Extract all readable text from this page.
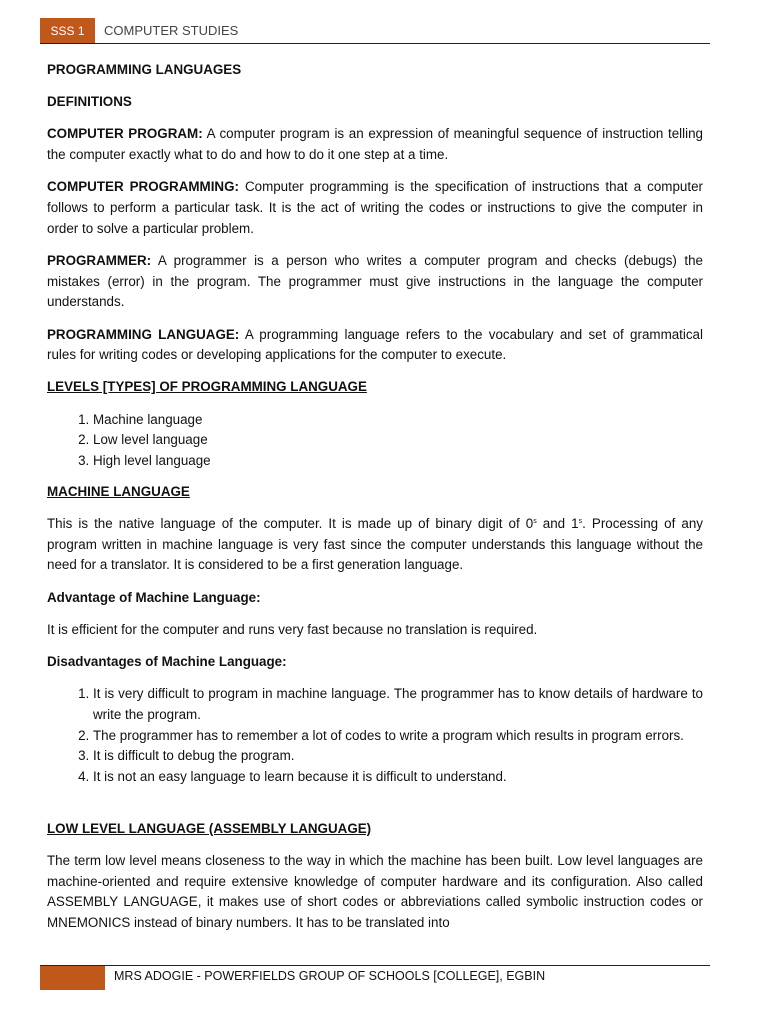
SSS 1	COMPUTER STUDIES

PROGRAMMING LANGUAGES

DEFINITIONS

COMPUTER PROGRAM: A computer program is an expression of meaningful sequence of instruction telling the computer exactly what to do and how to do it one step at a time.

COMPUTER PROGRAMMING: Computer programming is the specification of instructions that a computer follows to perform a particular task. It is the act of writing the codes or instructions to give the computer in order to solve a particular problem.

PROGRAMMER: A programmer is a person who writes a computer program and checks (debugs) the mistakes (error) in the program. The programmer must give instructions in the language the computer understands.

PROGRAMMING LANGUAGE: A programming language refers to the vocabulary and set of grammatical rules for writing codes or developing applications for the computer to execute.

LEVELS [TYPES] OF PROGRAMMING LANGUAGE

1. Machine language
2. Low level language
3. High level language

MACHINE LANGUAGE

This is the native language of the computer. It is made up of binary digit of 0$^s$ and 1$^s$. Processing of any program written in machine language is very fast since the computer understands this language without the need for a translator. It is considered to be a first generation language.

Advantage of Machine Language:

It is efficient for the computer and runs very fast because no translation is required.

Disadvantages of Machine Language:

1. It is very difficult to program in machine language. The programmer has to know details of hardware to write the program.
2. The programmer has to remember a lot of codes to write a program which results in program errors.
3. It is difficult to debug the program.
4. It is not an easy language to learn because it is difficult to understand.

LOW LEVEL LANGUAGE (ASSEMBLY LANGUAGE)

The term low level means closeness to the way in which the machine has been built. Low level languages are machine-oriented and require extensive knowledge of computer hardware and its configuration. Also called ASSEMBLY LANGUAGE, it makes use of short codes or abbreviations called symbolic instruction codes or MNEMONICS instead of binary numbers. It has to be translated into

MRS ADOGIE - POWERFIELDS GROUP OF SCHOOLS [COLLEGE], EGBIN
